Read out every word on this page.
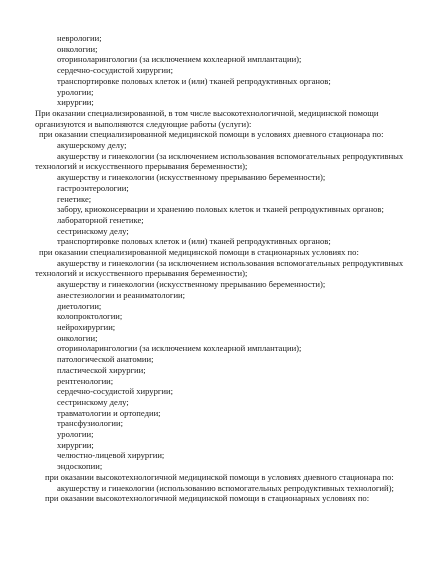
неврологии;
онкологии;
оториноларингологии (за исключением кохлеарной имплантации);
сердечно-сосудистой хирургии;
транспортировке половых клеток и (или) тканей репродуктивных органов;
урологии;
хирургии;
При оказании специализированной, в том числе высокотехнологичной, медицинской помощи
организуются и выполняются следующие работы (услуги):
при оказании специализированной медицинской помощи в условиях дневного стационара по:
акушерскому делу;
акушерству и гинекологии (за исключением использования вспомогательных репродуктивных
технологий и искусственного прерывания беременности);
акушерству и гинекологии (искусственному прерыванию беременности);
гастроэнтерологии;
генетике;
забору, криоконсервации и хранению половых клеток и тканей репродуктивных органов;
лабораторной генетике;
сестринскому делу;
транспортировке половых клеток и (или) тканей репродуктивных органов;
при оказании специализированной медицинской помощи в стационарных условиях по:
акушерству и гинекологии (за исключением использования вспомогательных репродуктивных
технологий и искусственного прерывания беременности);
акушерству и гинекологии (искусственному прерыванию беременности);
анестезиологии и реаниматологии;
диетологии;
колопроктологии;
нейрохирургии;
онкологии;
оториноларингологии (за исключением кохлеарной имплантации);
патологической анатомии;
пластической хирургии;
рентгенологии;
сердечно-сосудистой хирургии;
сестринскому делу;
травматологии и ортопедии;
трансфузиологии;
урологии;
хирургии;
челюстно-лицевой хирургии;
эндоскопии;
при оказании высокотехнологичной медицинской помощи в условиях дневного стационара по:
акушерству и гинекологии (использованию вспомогательных репродуктивных технологий);
при оказании высокотехнологичной медицинской помощи в стационарных условиях по:
